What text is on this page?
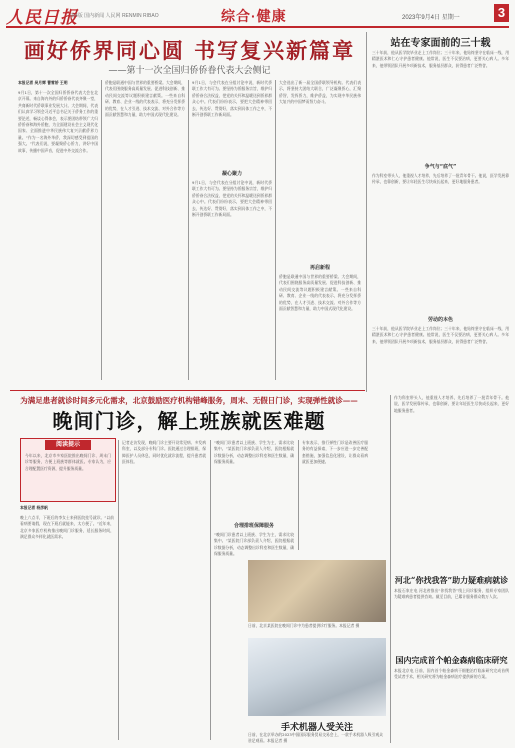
人民日报
第4版 国内新闻 人民网 RENMIN RIBAO	综合·健康	2023年9月4日 星期一	3
画好侨界同心圆 书写复兴新篇章
——第十一次全国归侨侨眷代表大会侧记
本报记者 吴月辉 曹雪娇 王明
9月1日，第十一次全国归侨侨眷代表大会在北京开幕。来自海内外的归侨侨眷代表齐聚一堂，共商新时代侨联事业发展大计。大会期间，代表们认真学习领会习近平总书记关于侨务工作的重要论述，畅谈心得体会，表示要团结带领广大归侨侨眷和海外侨胞，为全面建设社会主义现代化国家、全面推进中华民族伟大复兴贡献侨界力量。“作为一名海外华侨，我深切感受到祖国的强大。”代表们说，要凝聚侨心侨力，讲好中国故事，传播中国声音，促进中外交流合作。
侨胞是联通中国与世界的重要桥梁。大会期间，代表们围绕服务高质量发展、促进科技创新、推动民间交流等议题积极建言献策。一些来自科研、教育、企业一线的代表表示，将充分发挥侨的优势，在人才引进、技术交流、对外合作等方面贡献智慧和力量，助力中国式现代化建设。
凝心聚力
9月1日，与会代表在分组讨论中说，新时代侨联工作大有可为。要坚持为侨服务宗旨，维护归侨侨眷合法权益，把党的关怀和温暖送到侨界群众心中。代表们纷纷表示，要把大会精神带回去，传达好、贯彻好，落实到具体工作之中，不断开创侨联工作新局面。
9月1日，与会代表在分组讨论中说，新时代侨联工作大有可为。要坚持为侨服务宗旨，维护归侨侨眷合法权益，把党的关怀和温暖送到侨界群众心中。代表们纷纷表示，要把大会精神带回去，传达好、贯彻好，落实到具体工作之中，不断开创侨联工作新局面。
大会选出了新一届全国侨联领导机构。代表们表示，将坚持大团结大联合，广泛凝聚侨心，汇聚侨智，发挥侨力，维护侨益，为实现中华民族伟大复兴的中国梦而努力奋斗。
再启新程
侨胞是联通中国与世界的重要桥梁。大会期间，代表们围绕服务高质量发展、促进科技创新、推动民间交流等议题积极建言献策。一些来自科研、教育、企业一线的代表表示，将充分发挥侨的优势，在人才引进、技术交流、对外合作等方面贡献智慧和力量，助力中国式现代化建设。
站在专家面前的三十载
三十年前，他从医学院毕业走上工作岗位；三十年来，他始终坚守在临床一线，用精湛医术和仁心守护患者健康。他常说，医生不仅要治病，更要关心病人。多年来，他带领团队开展多项新技术，服务基层群众，获得患者广泛赞誉。
争气与“底气”
作为科室带头人，他重视人才培养，先后培养了一批青年骨干。他说，医学发展靠传承，也靠创新，要让年轻医生尽快成长起来，更好地服务患者。
劳动的本色
三十年前，他从医学院毕业走上工作岗位；三十年来，他始终坚守在临床一线，用精湛医术和仁心守护患者健康。他常说，医生不仅要治病，更要关心病人。多年来，他带领团队开展多项新技术，服务基层群众，获得患者广泛赞誉。
为满足患者就诊时间多元化需求，北京鼓励医疗机构错峰服务，周末、无假日门诊，实现弹性就诊——
晚间门诊，解上班族就医难题
阅读提示
今年以来，北京市多家医院推出晚间门诊、周末门诊等服务，方便上班族等群体就医。专家认为，应合理配置医疗资源，提升服务质量。
本报记者 杨彦帆
晚上六点半，下班后的李女士来到医院挂号就诊。“以前看病要请假，现在下班后就能来，太方便了。”近年来，北京多家医疗机构推出晚间门诊服务，延长服务时间，满足群众多样化就医需求。
记者走访发现，晚间门诊主要开设常见病、多发病科室，以及部分专科门诊。医院通过合理排班，保障医护人员休息，同时优化就诊流程，提升患者就医体验。
“晚间门诊患者以上班族、学生为主，需求比较集中。”某医院门诊部负责人介绍，医院根据就诊数据分析，动态调整出诊科室和医生数量，确保服务质量。
合理排班保障服务
“晚间门诊患者以上班族、学生为主，需求比较集中。”某医院门诊部负责人介绍，医院根据就诊数据分析，动态调整出诊科室和医生数量，确保服务质量。
专家表示，推行弹性门诊是改善医疗服务的有益探索，下一步应进一步完善配套措施，加强信息化建设，让群众看病就医更加便捷。
日前，北京某医院在晚间门诊中为患者提供诊疗服务。本报记者 摄
手术机器人受关注
日前，在北京举办的2023中国国际服务贸易交易会上，一款手术机器人吸引观众驻足观看。本报记者 摄
作为科室带头人，他重视人才培养，先后培养了一批青年骨干。他说，医学发展靠传承，也靠创新，要让年轻医生尽快成长起来，更好地服务患者。
河北“你找我答”助力疑难病就诊
本报石家庄电 河北省推出“你找我答”线上问诊服务，组织专家团队为疑难病患者提供咨询。截至目前，已累计服务群众数万人次。
国内完成首个帕金森病临床研究
本报北京电 日前，国内首个帕金森病干细胞治疗临床研究完成首例受试者手术，相关研究将为帕金森病治疗提供新的方案。
